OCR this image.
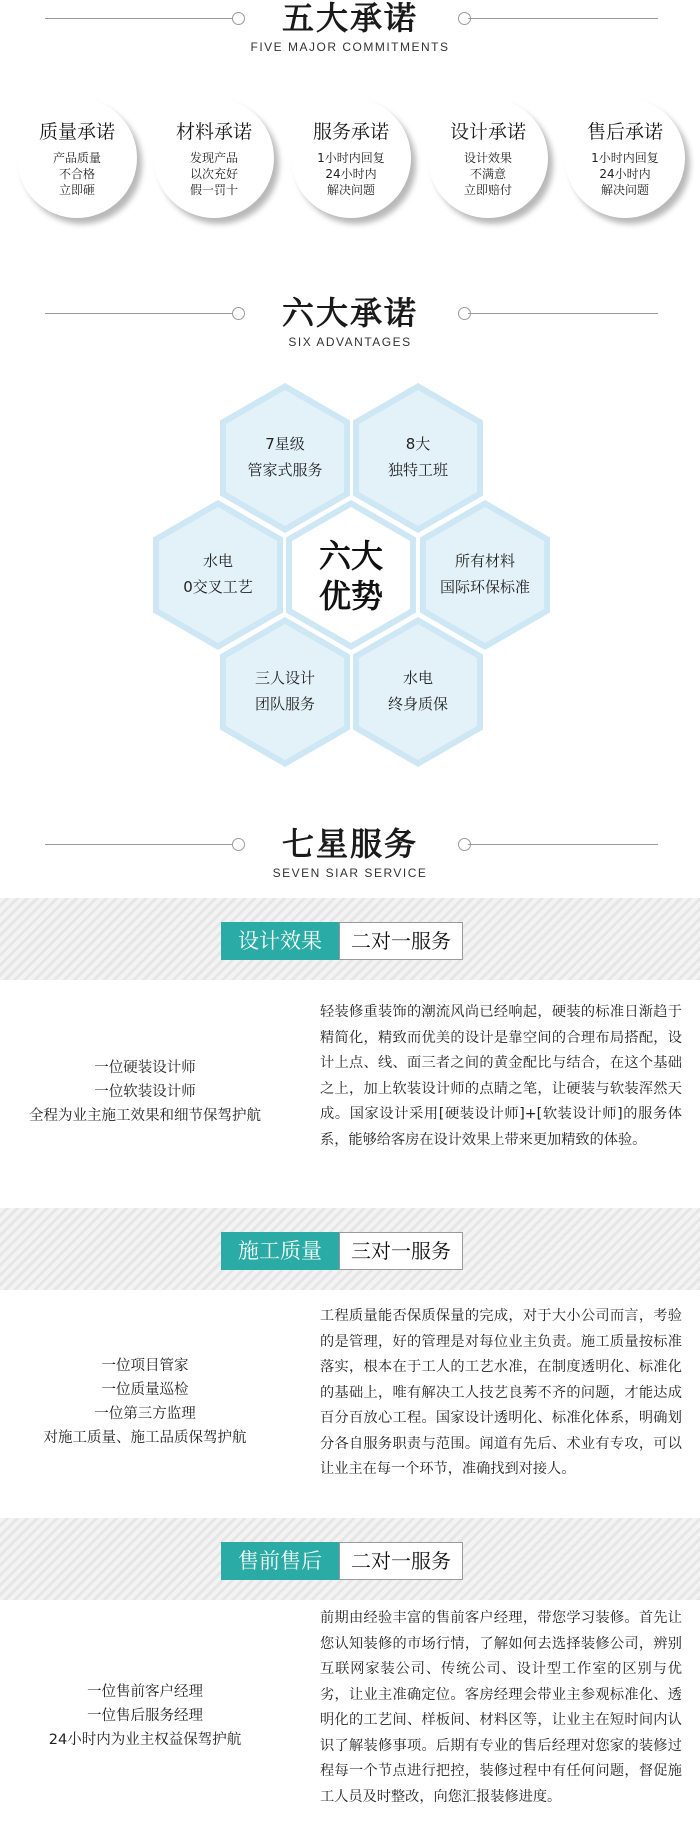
五大承诺
FIVE MAJOR COMMITMENTS
质量承诺
产品质量
不合格
立即砸
材料承诺
发现产品
以次充好
假一罚十
服务承诺
1小时内回复
24小时内
解决问题
设计承诺
设计效果
不满意
立即赔付
售后承诺
1小时内回复
24小时内
解决问题
六大承诺
SIX ADVANTAGES
7星级
管家式服务
8大
独特工班
水电
0交叉工艺
六大
优势
所有材料
国际环保标准
三人设计
团队服务
水电
终身质保
七星服务
SEVEN SIAR SERVICE
设计效果	二对一服务
一位硬装设计师
一位软装设计师
全程为业主施工效果和细节保驾护航
轻装修重装饰的潮流风尚已经响起，硬装的标准日渐趋于精简化，精致而优美的设计是靠空间的合理布局搭配，设计上点、线、面三者之间的黄金配比与结合，在这个基础之上，加上软装设计师的点睛之笔，让硬装与软装浑然天成。国家设计采用[硬装设计师]+[软装设计师]的服务体系，能够给客房在设计效果上带来更加精致的体验。
施工质量	三对一服务
一位项目管家
一位质量巡检
一位第三方监理
对施工质量、施工品质保驾护航
工程质量能否保质保量的完成，对于大小公司而言，考验的是管理，好的管理是对每位业主负责。施工质量按标准落实，根本在于工人的工艺水准，在制度透明化、标准化的基础上，唯有解决工人技艺良莠不齐的问题，才能达成百分百放心工程。国家设计透明化、标准化体系，明确划分各自服务职责与范围。闻道有先后、术业有专攻，可以让业主在每一个环节，准确找到对接人。
售前售后	二对一服务
一位售前客户经理
一位售后服务经理
24小时内为业主权益保驾护航
前期由经验丰富的售前客户经理，带您学习装修。首先让您认知装修的市场行情，了解如何去选择装修公司，辨别互联网家装公司、传统公司、设计型工作室的区别与优劣，让业主准确定位。客房经理会带业主参观标准化、透明化的工艺间、样板间、材料区等，让业主在短时间内认识了解装修事项。后期有专业的售后经理对您家的装修过程每一个节点进行把控，装修过程中有任何问题，督促施工人员及时整改，向您汇报装修进度。
